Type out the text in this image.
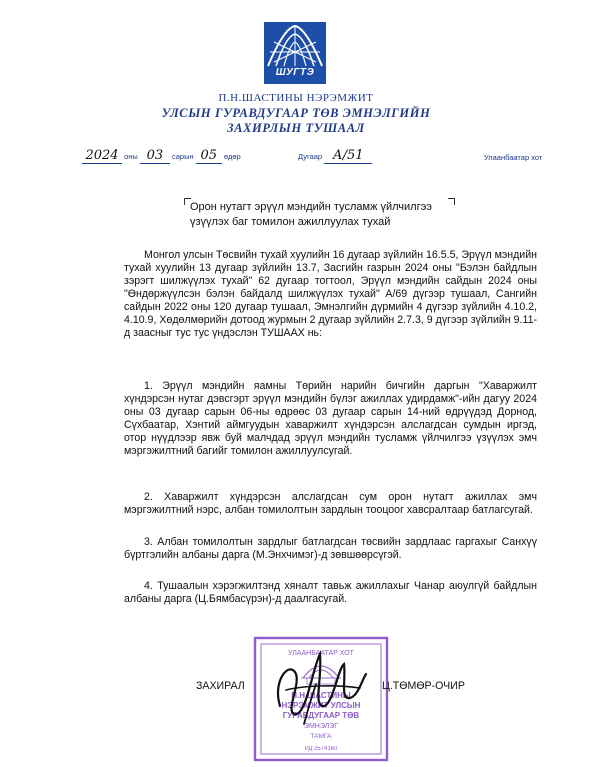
ШУГТЭ
П.Н.ШАСТИНЫ НЭРЭМЖИТ
УЛСЫН ГУРАВДУГААР ТӨВ ЭМНЭЛГИЙН
ЗАХИРЛЫН ТУШААЛ
2024 оны 03 сарын 05 өдөр	Дугаар А/51	Улаанбаатар хот
Орон нутагт эрүүл мэндийн тусламж үйлчилгээ
үзүүлэх баг томилон ажиллуулах тухай
Монгол улсын Төсвийн тухай хуулийн 16 дугаар зүйлийн 16.5.5, Эрүүл мэндийн тухай хуулийн 13 дугаар зүйлийн 13.7, Засгийн газрын 2024 оны "Бэлэн байдлын зэрэгт шилжүүлэх тухай" 62 дугаар тогтоол, Эрүүл мэндийн сайдын 2024 оны "Өндөржүүлсэн бэлэн байдалд шилжүүлэх тухай" А/69 дүгээр тушаал, Сангийн сайдын 2022 оны 120 дугаар тушаал, Эмнэлгийн дүрмийн 4 дүгээр зүйлийн 4.10.2, 4.10.9, Хөдөлмөрийн дотоод журмын 2 дугаар зүйлийн 2.7.3, 9 дүгээр зүйлийн 9.11-д заасныг тус тус үндэслэн ТУШААХ нь:
1. Эрүүл мэндийн яамны Төрийн нарийн бичгийн даргын "Хаваржилт хүндэрсэн нутаг дэвсгэрт эрүүл мэндийн бүлэг ажиллах удирдамж"-ийн дагуу 2024 оны 03 дугаар сарын 06-ны өдрөөс 03 дугаар сарын 14-ний өдрүүдэд Дорнод, Сүхбаатар, Хэнтий аймгуудын хаваржилт хүндэрсэн алслагдсан сумдын иргэд, отор нүүдлээр явж буй малчдад эрүүл мэндийн тусламж үйлчилгээ үзүүлэх эмч мэргэжилтний багийг томилон ажиллуулсугай.
2. Хаваржилт хүндэрсэн алслагдсан сум орон нутагт ажиллах эмч мэргэжилтний нэрс, албан томилолтын зардлын тооцоог хавсралтаар батлагсугай.
3. Албан томилолтын зардлыг батлагдсан төсвийн зардлаас гаргахыг Санхүү бүртгэлийн албаны дарга (М.Энхчимэг)-д зөвшөөрсүгэй.
4. Тушаалын хэрэгжилтэнд хяналт тавьж ажиллахыг Чанар аюулгүй байдлын албаны дарга (Ц.Бямбасүрэн)-д даалгасугай.
УЛААНБААТАР ХОТ
П.Н.ШАСТИНЫ
НЭРЭМЖИТ УЛСЫН
ГУРАВДУГААР ТӨВ
ЭМНЭЛЭГ
ТАМГА
РД 2574160
ЗАХИРАЛ	Ц.ТӨМӨР-ОЧИР
